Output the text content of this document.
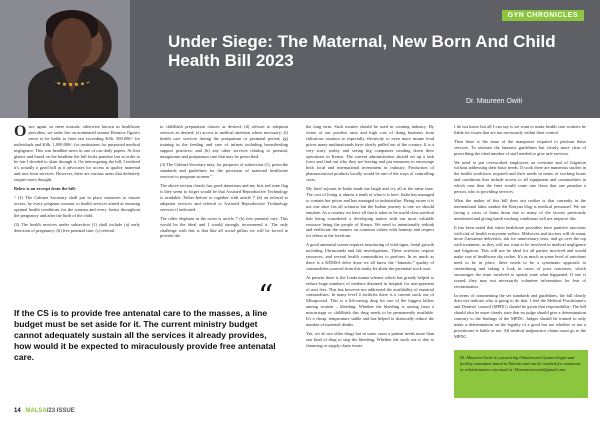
GYN CHRONICLES
Under Siege: The Maternal, New Born And Child Health Bill 2023
Dr. Maureen Owiti

Once again, as mere mortals, otherwise known as healthcare providers, we order fire on nominated senator Beatrice Ogola's move to be liable to fines not exceeding KSh. 500,000/- for individuals and KSh. 1,000,000/- for institutions for purported medical negligence. This was headline news in one of our daily papers. At first glance and based on the headline the bill looks punitive but in order to be fair I decided to skim through it. On interrogating the bill, I realized it's actually a good bill as it advocates for access to quality maternal and new born services. However, there are various areas that definitely require more thought.

Below is an excerpt from the bill:

“ (1) The Cabinet Secretary shall put in place measures to ensure access, by every pregnant woman, to health services aimed at ensuring optimal health conditions for the woman and every foetus throughout the pregnancy and after the birth of the child.

(2) The health services under subsection (1) shall include (a) early detection of pregnancy; (b) free prenatal care; (c) referral

to childbirth preparation classes as desired; (d) referral to adoption services as desired; (e) access to medical attention where necessary; (f) health care services during the postpartum or postnatal period; (g) training in the feeding and care of infants including breastfeeding support practices; and (h) any other services relating to prenatal, intrapartum and postpartum care that may be prescribed.

(3) The Cabinet Secretary may, for purposes of subsection (1), prescribe standards and guidelines for the provision of maternal healthcare services to pregnant women.”

The above section clearly has good intentions and my first red zone flag is they seem to forget would be that Assisted Reproductive Technology is available. Either before or together with article 7 (d) on referral to adoption services and referral to Assisted Reproductive Technology services if indicated.

The other elephant in the room is article 7 (b) free prenatal care. This would be the ideal and I would strongly recommend it. The only challenge with this is that like all social pillars we will be forced to provide the

the long term. Such monies should be used in creating industry. By virtue of our positive ratio and high cost of doing business from ridiculous taxation to especially electricity to even more insane food prices many multinationals have slowly pulled out of the country. It is a very scary reality and seeing big companies winding down their operations in Kenya. The current administration should set up a task force and find out why they are leaving and put measures to encourage both local and international investment in industry. Production of pharmaceutical products locally would be one of the ways of controlling costs.

My brief sojourn in India made me laugh and cry all at the same time. The cost of living is almost a tenth of what it is here. India has managed to contain her prices and has managed to industrialise. Being aware it is not one shoe fits all scenario but the Indian journey is one we should emulate. As a country we have all that it takes to be world class medical hub being considered a developing nation with our most valuable resource being the people of Kenya. We need to intentionally rethink and reallocate the monies on common values with honesty and respect for others at the forefront.

A good antenatal screen requires monitoring of vital signs, foetal growth including Ultrasounds and lab investigations. These activities require resources, and several health commodities to perform. In as much as there is a KEMSA drive done we all know the “fantastic” quality of commodities sourced from this entity let alone the perennial stock outs.

At present there is the Linda mama scheme which has greatly helped to reduce huge numbers of mothers detained in hospital for non-payment of user fees. This has however not addressed the availability of essential commodities. In many level 4 facilities there is a current stock out of Misoprostol. This is a life-saving drug for one of the biggest killers among women – bleeding. Whether the bleeding is arising from a miscarriage or childbirth this drug needs to be permanently available. It's a cheap, temperature stable and has helped to drastically reduce the number of maternal deaths.

Yes, we do use other drugs but in some cases a patient needs more than one kind of drug to stop the bleeding. Whether the stock out is due to financing or supply chain issues

I do not know but all I can say is we want to make health care workers be liable for issues that are not necessarily within their control.

Then there is the issue of the manpower required to perform these services. To reiterate the fantastic guidelines but clearly more clear of prescribing the ideal number of staff needed to give safe services.

We need to put overworked employees on overtime and of litigation without addressing their basic needs. If work there are numerous studies in the health workforce required and their needs in terms of working hours and conditions that include access to all equipment and commodities in which case then the finer would come into those that one penalize a person, who is providing services.

What the maker of this bill does not realize is that currently in the international labor market the Kenyan blog is medical personnel. We are facing a crisis of brain drain due to many of the factors previously mentioned and giving harsh working conditions will not improve this.

It has been noted that when healthcare providers have punitive sanctions with risk of health ecosystem suffers. Midwives and doctors will do many more Caesarean deliveries, ask for unnecessary tests, and go over the top with treatment, as they will not want to be involved in medical negligence and litigation. This will not be ideal for all parties involved and would make cost of healthcare sky rocket. It's as much as some level of sanctions need to be in place, there needs to be a systematic approach to streamlining and taking a look in cases of poor outcomes, which encourages the team involved to openly state what happened. If one is scared, they may not necessarily volunteer information for fear of recrimination.

In terms of commenting the set standards and guidelines, the bill clearly does not indicate who is going to do that. I feel the Medical Practitioner's and Dentists' council (MPDC) should be given that responsibility. The bill should also be more clearly state that no judge should give a determination contrary to the findings of the MPDC. Judges should be trained to only make a determination on the legality of a good but not whether or not a practitioner is liable or not. All medical malpractice claims must go to the MPDC.

“
If the CS is to provide free antenatal care to the masses, a line budget must be set aside for it. The current ministry budget cannot adequately sustain all the services it already provides, how would it be expected to miraculously provide free antenatal care.	Dr. Maureen Owiti is a practicing Obstetrician Gynaecologist and fertility consultant based in Nairobi and can be reached for comments or related matters via email at: Drmaureenowiti@gmail.com
14 MALSA/23 ISSUE
